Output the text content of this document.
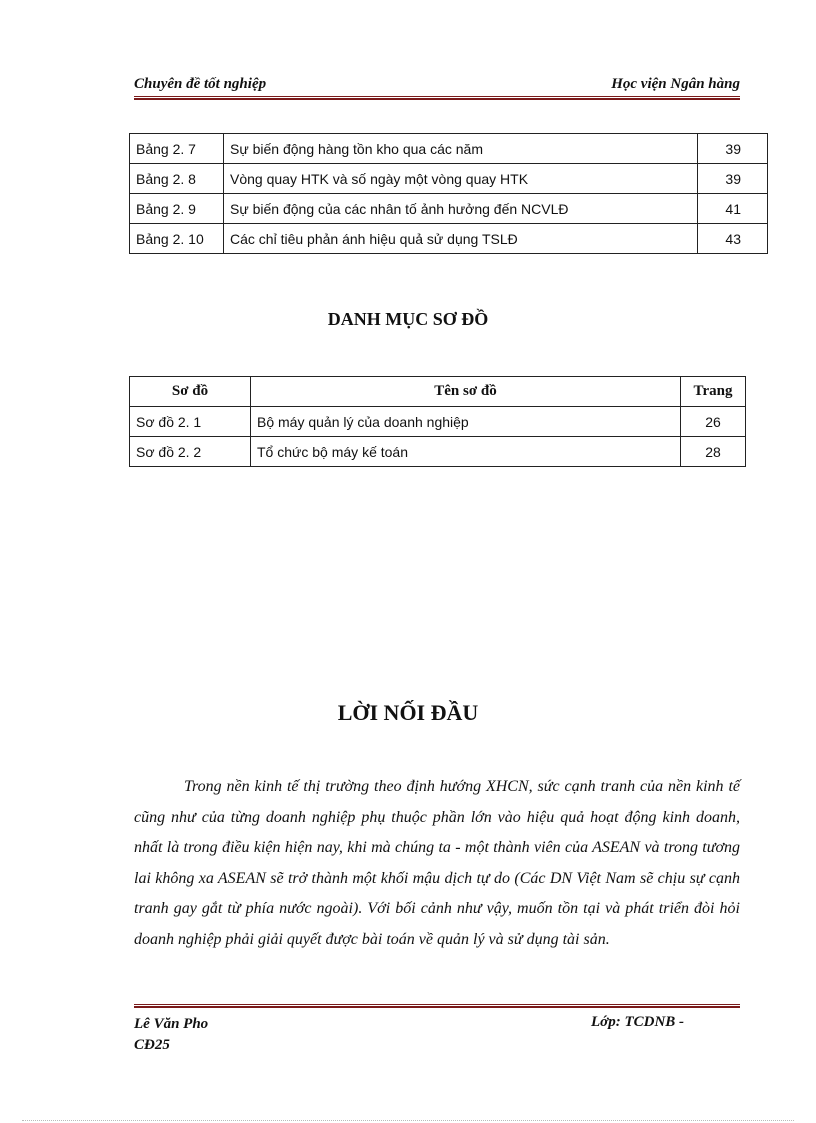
Chuyên đề tốt nghiệp	Học viện Ngân hàng
Bảng 2. 7	Sự biến động hàng tồn kho qua các năm	39
Bảng 2. 8	Vòng quay HTK và số ngày một vòng quay HTK	39
Bảng 2. 9	Sự biến động của các nhân tố ảnh hưởng đến NCVLĐ	41
Bảng 2. 10	Các chỉ tiêu phản ánh hiệu quả sử dụng TSLĐ	43
DANH MỤC SƠ ĐỒ
Sơ đồ	Tên sơ đồ	Trang
Sơ đồ 2. 1	Bộ máy quản lý của doanh nghiệp	26
Sơ đồ 2. 2	Tổ chức bộ máy kế toán	28
LỜI NỐI ĐẦU

Trong nền kinh tế thị trường theo định hướng XHCN, sức cạnh tranh của nền kinh tế cũng như của từng doanh nghiệp phụ thuộc phần lớn vào hiệu quả hoạt động kinh doanh, nhất là trong điều kiện hiện nay, khi mà chúng ta - một thành viên của ASEAN và trong tương lai không xa ASEAN sẽ trở thành một khối mậu dịch tự do (Các DN Việt Nam sẽ chịu sự cạnh tranh gay gắt từ phía nước ngoài). Với bối cảnh như vậy, muốn tồn tại và phát triển đòi hỏi doanh nghiệp phải giải quyết được bài toán về quản lý và sử dụng tài sản.

Lê Văn Pho CĐ25
Lớp: TCDNB -
